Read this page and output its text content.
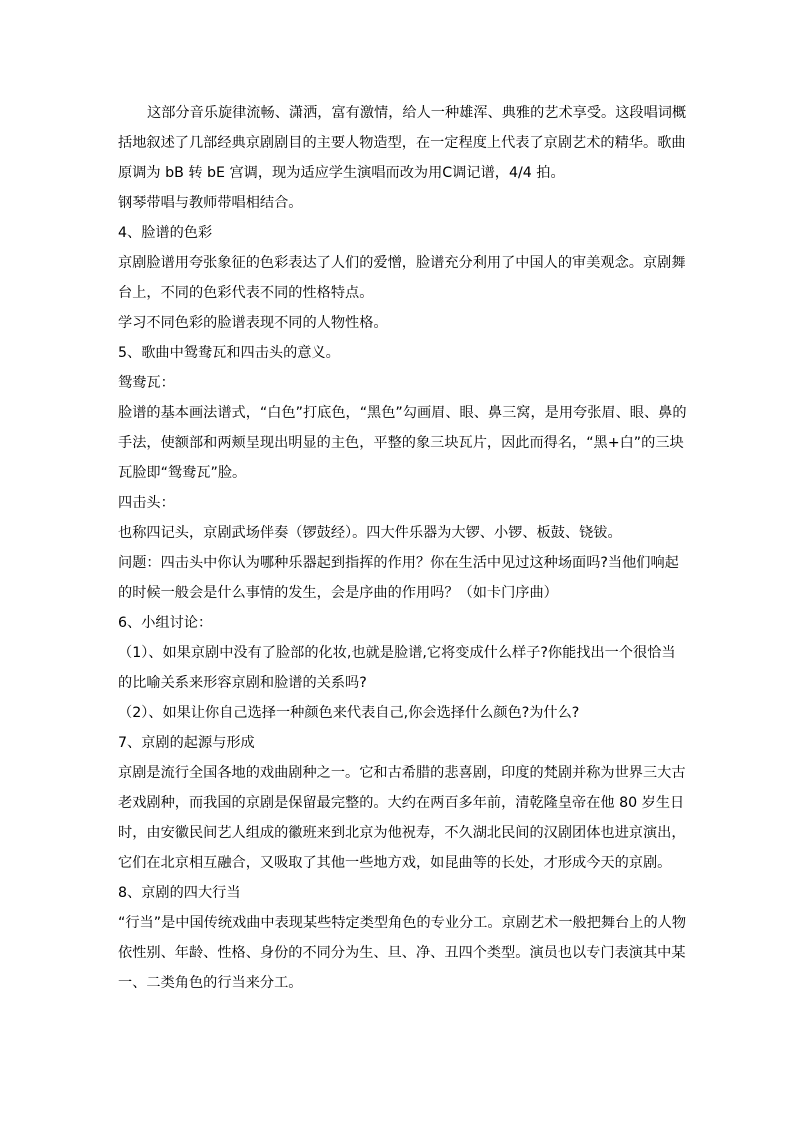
这部分音乐旋律流畅、潇洒，富有激情，给人一种雄浑、典雅的艺术享受。这段唱词概

括地叙述了几部经典京剧剧目的主要人物造型，在一定程度上代表了京剧艺术的精华。歌曲

原调为 bB 转 bE 宫调，现为适应学生演唱而改为用C调记谱，4/4 拍。

钢琴带唱与教师带唱相结合。

4、脸谱的色彩

京剧脸谱用夸张象征的色彩表达了人们的爱憎，脸谱充分利用了中国人的审美观念。京剧舞

台上，不同的色彩代表不同的性格特点。

学习不同色彩的脸谱表现不同的人物性格。

5、歌曲中鸳鸯瓦和四击头的意义。

鸳鸯瓦：

脸谱的基本画法谱式，“白色”打底色，“黑色”勾画眉、眼、鼻三窝，是用夸张眉、眼、鼻的

手法，使额部和两颊呈现出明显的主色，平整的象三块瓦片，因此而得名，“黑+白”的三块

瓦脸即“鸳鸯瓦”脸。

四击头：

也称四记头，京剧武场伴奏（锣鼓经）。四大件乐器为大锣、小锣、板鼓、铙钹。

问题：四击头中你认为哪种乐器起到指挥的作用？你在生活中见过这种场面吗?当他们响起

的时候一般会是什么事情的发生，会是序曲的作用吗？（如卡门序曲）

6、小组讨论：

（1）、如果京剧中没有了脸部的化妆,也就是脸谱,它将变成什么样子?你能找出一个很恰当

的比喻关系来形容京剧和脸谱的关系吗?

（2）、如果让你自己选择一种颜色来代表自己,你会选择什么颜色?为什么?

7、京剧的起源与形成

京剧是流行全国各地的戏曲剧种之一。它和古希腊的悲喜剧，印度的梵剧并称为世界三大古

老戏剧种，而我国的京剧是保留最完整的。大约在两百多年前，清乾隆皇帝在他 80 岁生日

时，由安徽民间艺人组成的徽班来到北京为他祝寿，不久湖北民间的汉剧团体也进京演出，

它们在北京相互融合，又吸取了其他一些地方戏，如昆曲等的长处，才形成今天的京剧。

8、京剧的四大行当

“行当”是中国传统戏曲中表现某些特定类型角色的专业分工。京剧艺术一般把舞台上的人物

依性别、年龄、性格、身份的不同分为生、旦、净、丑四个类型。演员也以专门表演其中某

一、二类角色的行当来分工。
